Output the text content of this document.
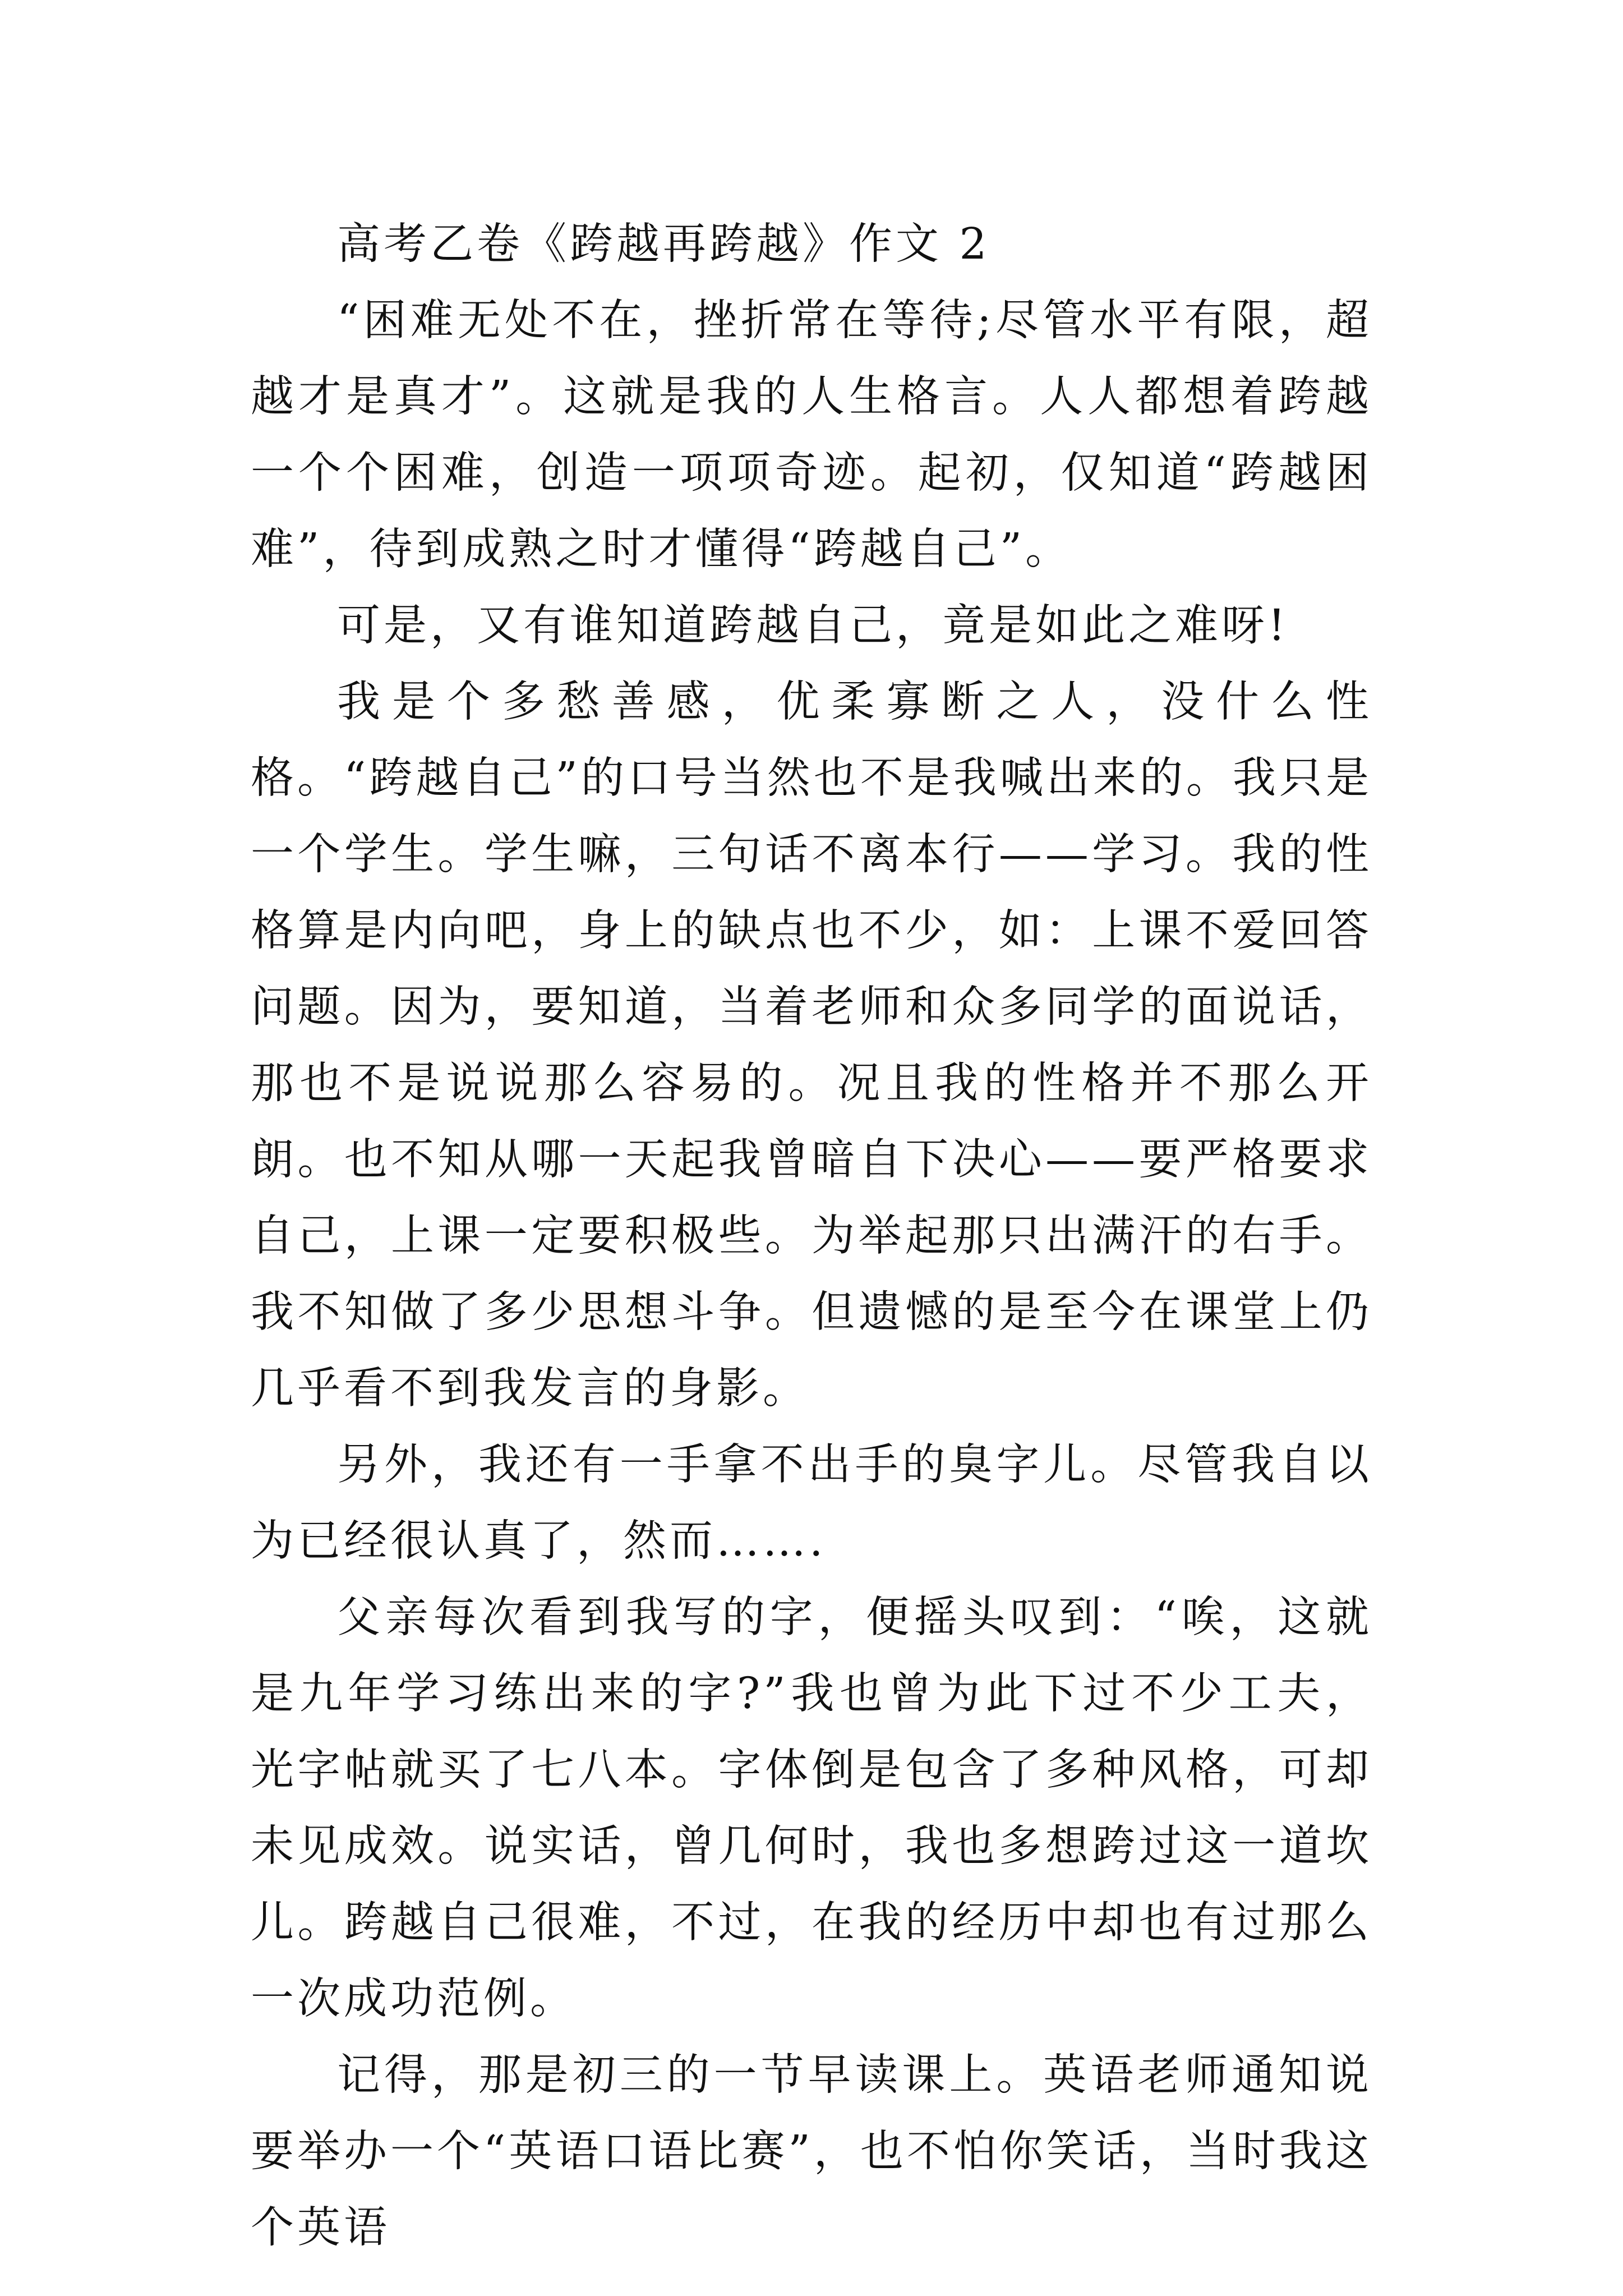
高考乙卷《跨越再跨越》作文 2

“困难无处不在，挫折常在等待;尽管水平有限，超越才是真才”。这就是我的人生格言。人人都想着跨越一个个困难，创造一项项奇迹。起初，仅知道“跨越困难”，待到成熟之时才懂得“跨越自己”。

可是，又有谁知道跨越自己，竟是如此之难呀!

我是个多愁善感，优柔寡断之人，没什么性格。“跨越自己”的口号当然也不是我喊出来的。我只是一个学生。学生嘛，三句话不离本行——学习。我的性格算是内向吧，身上的缺点也不少，如：上课不爱回答问题。因为，要知道，当着老师和众多同学的面说话，那也不是说说那么容易的。况且我的性格并不那么开朗。也不知从哪一天起我曾暗自下决心——要严格要求自己，上课一定要积极些。为举起那只出满汗的右手。我不知做了多少思想斗争。但遗憾的是至今在课堂上仍几乎看不到我发言的身影。

另外，我还有一手拿不出手的臭字儿。尽管我自以为已经很认真了，然而…….

父亲每次看到我写的字，便摇头叹到：“唉，这就是九年学习练出来的字?”我也曾为此下过不少工夫，光字帖就买了七八本。字体倒是包含了多种风格，可却未见成效。说实话，曾几何时，我也多想跨过这一道坎儿。跨越自己很难，不过，在我的经历中却也有过那么一次成功范例。

记得，那是初三的一节早读课上。英语老师通知说要举办一个“英语口语比赛”，也不怕你笑话，当时我这个英语
